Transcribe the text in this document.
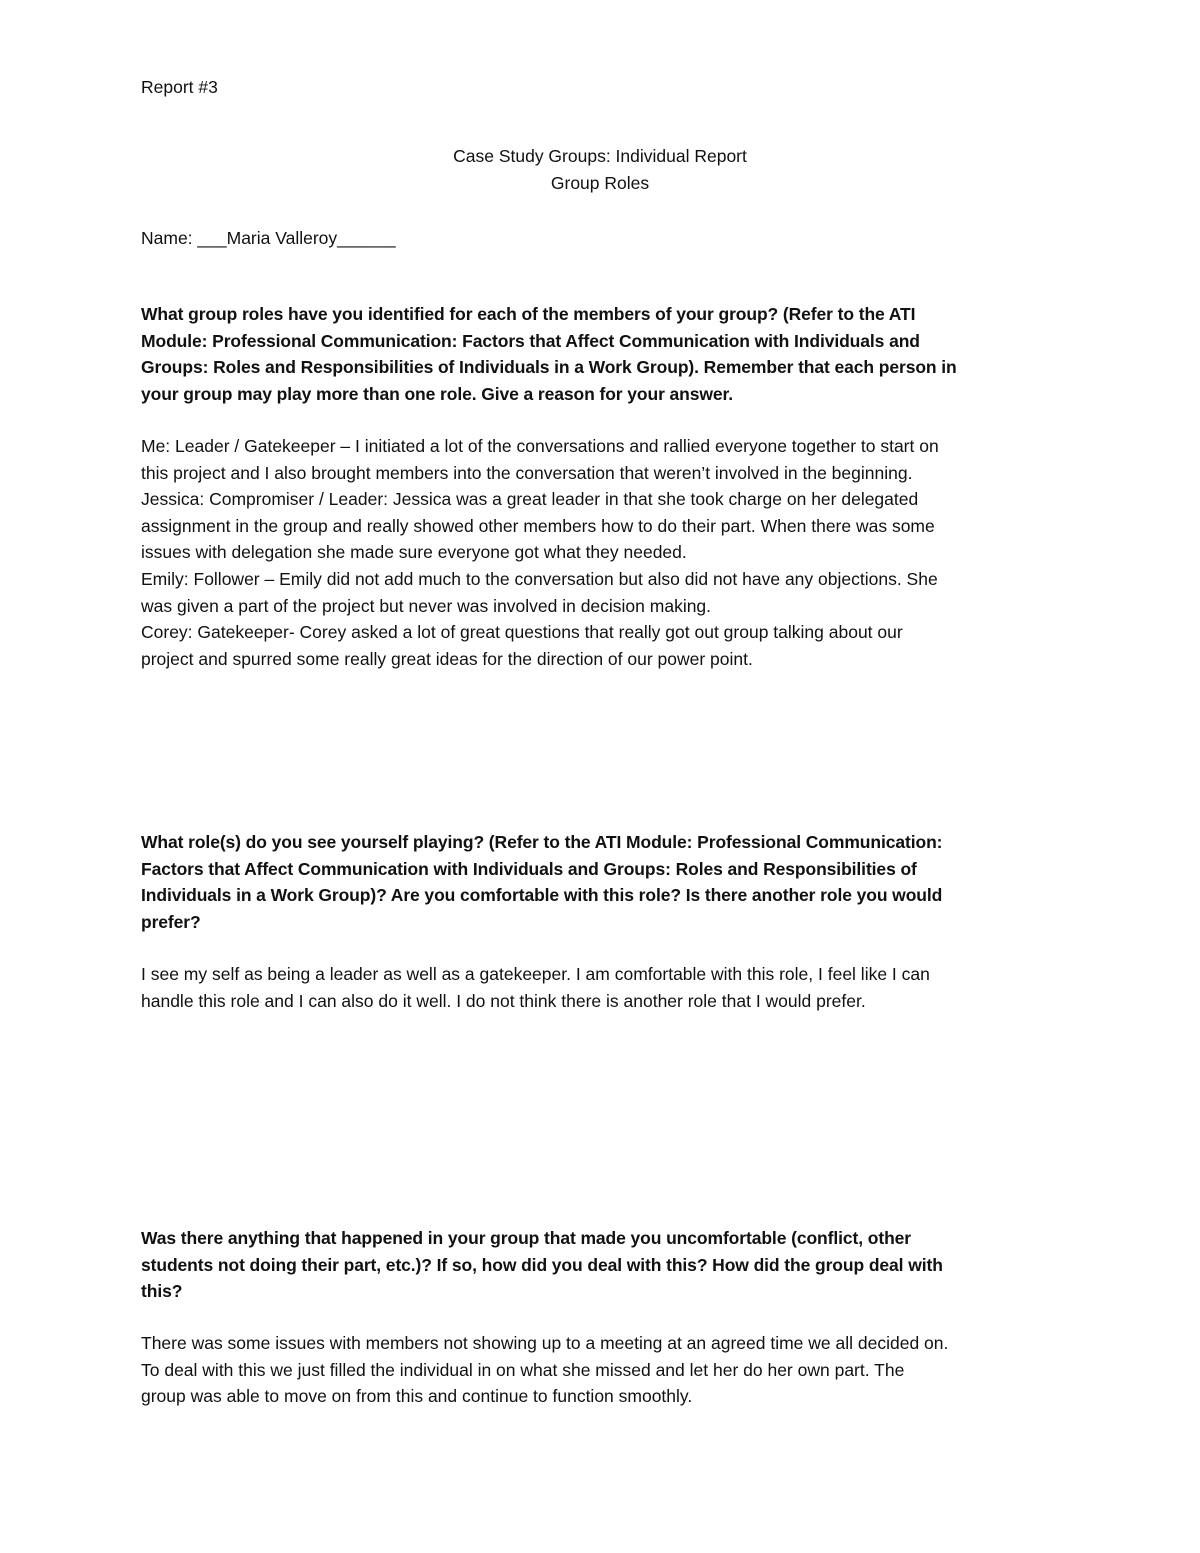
Report #3
Case Study Groups: Individual Report
Group Roles
Name: ___Maria Valleroy______
What group roles have you identified for each of the members of your group? (Refer to the ATI
Module: Professional Communication: Factors that Affect Communication with Individuals and
Groups: Roles and Responsibilities of Individuals in a Work Group). Remember that each person in
your group may play more than one role. Give a reason for your answer.
Me: Leader / Gatekeeper – I initiated a lot of the conversations and rallied everyone together to start on
this project and I also brought members into the conversation that weren’t involved in the beginning.
Jessica: Compromiser / Leader: Jessica was a great leader in that she took charge on her delegated
assignment in the group and really showed other members how to do their part. When there was some
issues with delegation she made sure everyone got what they needed.
Emily: Follower – Emily did not add much to the conversation but also did not have any objections. She
was given a part of the project but never was involved in decision making.
Corey: Gatekeeper- Corey asked a lot of great questions that really got out group talking about our
project and spurred some really great ideas for the direction of our power point.
What role(s) do you see yourself playing? (Refer to the ATI Module: Professional Communication:
Factors that Affect Communication with Individuals and Groups: Roles and Responsibilities of
Individuals in a Work Group)? Are you comfortable with this role? Is there another role you would
prefer?
I see my self as being a leader as well as a gatekeeper. I am comfortable with this role, I feel like I can
handle this role and I can also do it well. I do not think there is another role that I would prefer.
Was there anything that happened in your group that made you uncomfortable (conflict, other
students not doing their part, etc.)? If so, how did you deal with this? How did the group deal with
this?
There was some issues with members not showing up to a meeting at an agreed time we all decided on.
To deal with this we just filled the individual in on what she missed and let her do her own part. The
group was able to move on from this and continue to function smoothly.
